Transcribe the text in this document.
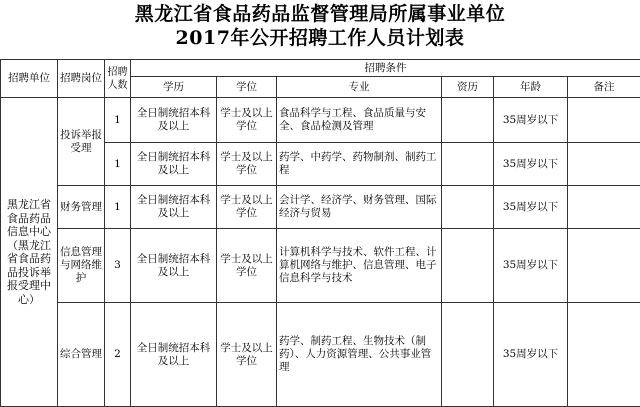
黑龙江省食品药品监督管理局所属事业单位
2017年公开招聘工作人员计划表
招聘单位	招聘岗位	招聘人数	招聘条件					
			学历	学位	专业	资历	年龄	备注
黑龙江省食品药品信息中心（黑龙江省食品药品投诉举报受理中心）	投诉举报受理	1	全日制统招本科及以上	学士及以上学位	食品科学与工程、食品质量与安全、食品检测及管理		35周岁以下	
		1	全日制统招本科及以上	学士及以上学位	药学、中药学、药物制剂、制药工程		35周岁以下	
	财务管理	1	全日制统招本科及以上	学士及以上学位	会计学、经济学、财务管理、国际经济与贸易		35周岁以下	
	信息管理与网络维护	3	全日制统招本科及以上	学士及以上学位	计算机科学与技术、软件工程、计算机网络与维护、信息管理、电子信息科学与技术		35周岁以下	
	综合管理	2	全日制统招本科及以上	学士及以上学位	药学、制药工程、生物技术（制药）、人力资源管理、公共事业管理		35周岁以下	
